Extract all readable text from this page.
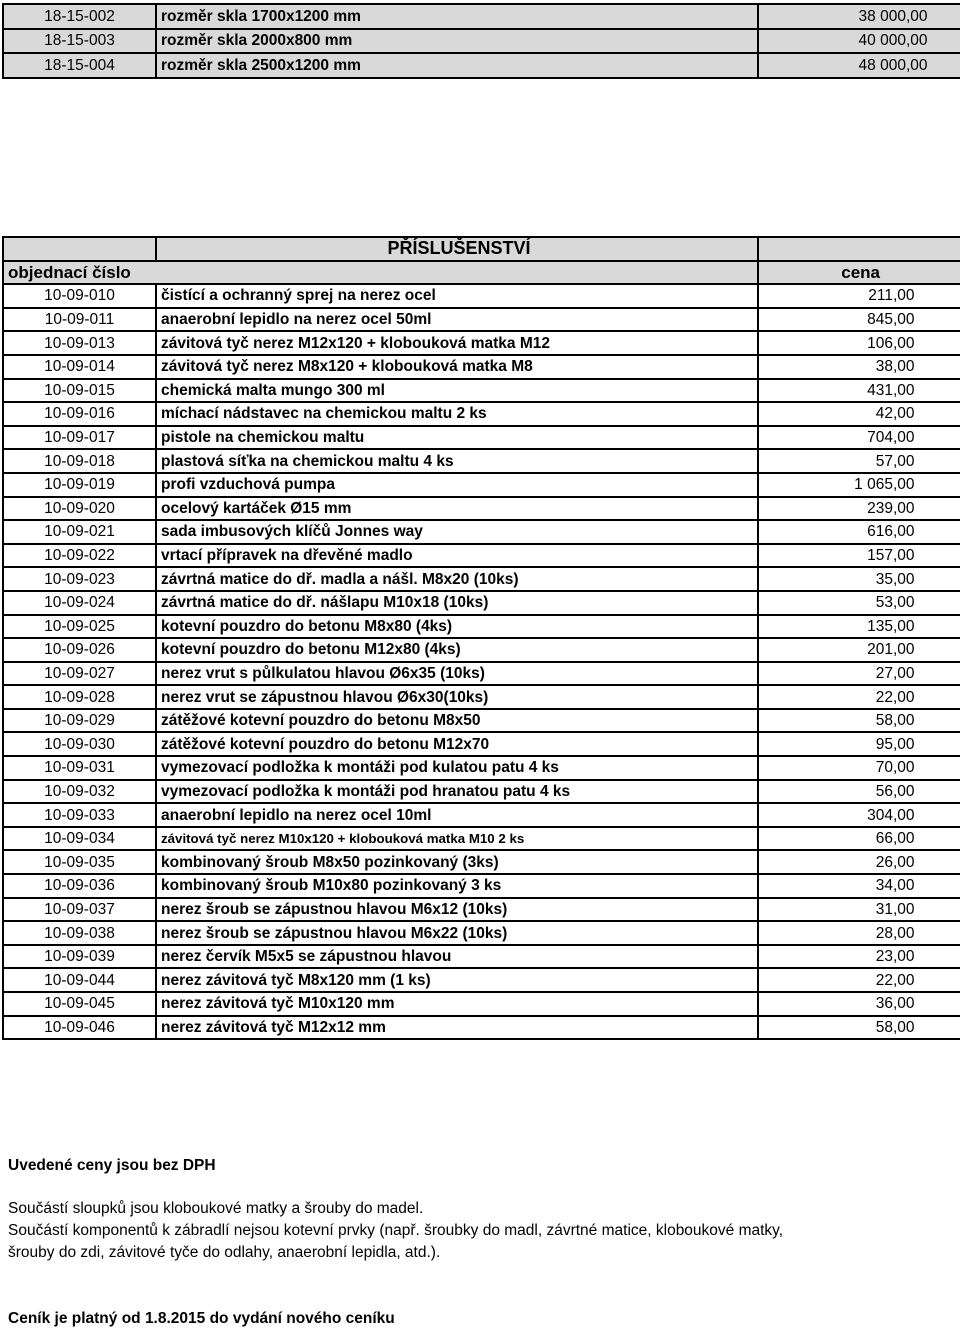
18-15-002	rozměr skla 1700x1200 mm	38 000,00
18-15-003	rozměr skla 2000x800 mm	40 000,00
18-15-004	rozměr skla 2500x1200 mm	48 000,00
	PŘÍSLUŠENSTVÍ	
objednací číslo		cena
10-09-010	čistící a ochranný sprej na nerez ocel	211,00
10-09-011	anaerobní lepidlo na nerez ocel 50ml	845,00
10-09-013	závitová tyč nerez M12x120 + klobouková matka M12	106,00
10-09-014	závitová tyč nerez M8x120 + klobouková matka M8	38,00
10-09-015	chemická malta mungo 300 ml	431,00
10-09-016	míchací nádstavec na chemickou maltu 2 ks	42,00
10-09-017	pistole na chemickou maltu	704,00
10-09-018	plastová síťka na chemickou maltu 4 ks	57,00
10-09-019	profi vzduchová pumpa	1 065,00
10-09-020	ocelový kartáček Ø15 mm	239,00
10-09-021	sada imbusových klíčů Jonnes way	616,00
10-09-022	vrtací přípravek na dřevěné madlo	157,00
10-09-023	závrtná matice do dř. madla a nášl. M8x20 (10ks)	35,00
10-09-024	závrtná matice do dř. nášlapu M10x18 (10ks)	53,00
10-09-025	kotevní pouzdro do betonu M8x80 (4ks)	135,00
10-09-026	kotevní pouzdro do betonu M12x80 (4ks)	201,00
10-09-027	nerez vrut s půlkulatou hlavou Ø6x35 (10ks)	27,00
10-09-028	nerez vrut se zápustnou hlavou Ø6x30(10ks)	22,00
10-09-029	zátěžové kotevní pouzdro do betonu M8x50	58,00
10-09-030	zátěžové kotevní pouzdro do betonu M12x70	95,00
10-09-031	vymezovací podložka k montáži pod kulatou patu 4 ks	70,00
10-09-032	vymezovací podložka k montáži pod hranatou patu 4 ks	56,00
10-09-033	anaerobní lepidlo na nerez ocel 10ml	304,00
10-09-034	závitová tyč nerez M10x120 + klobouková matka M10 2 ks	66,00
10-09-035	kombinovaný šroub M8x50 pozinkovaný (3ks)	26,00
10-09-036	kombinovaný šroub M10x80 pozinkovaný 3 ks	34,00
10-09-037	nerez šroub se zápustnou hlavou M6x12 (10ks)	31,00
10-09-038	nerez šroub se zápustnou hlavou M6x22 (10ks)	28,00
10-09-039	nerez červík M5x5 se zápustnou hlavou	23,00
10-09-044	nerez závitová tyč M8x120 mm (1 ks)	22,00
10-09-045	nerez závitová tyč M10x120 mm	36,00
10-09-046	nerez závitová tyč M12x12 mm	58,00
Uvedené ceny jsou bez DPH
Součástí sloupků jsou kloboukové matky a šrouby do madel.
Součástí komponentů k zábradlí nejsou kotevní prvky (např. šroubky do madl, závrtné matice, kloboukové matky,
šrouby do zdi, závitové tyče do odlahy, anaerobní lepidla, atd.).
Ceník je platný od 1.8.2015 do vydání nového ceníku
